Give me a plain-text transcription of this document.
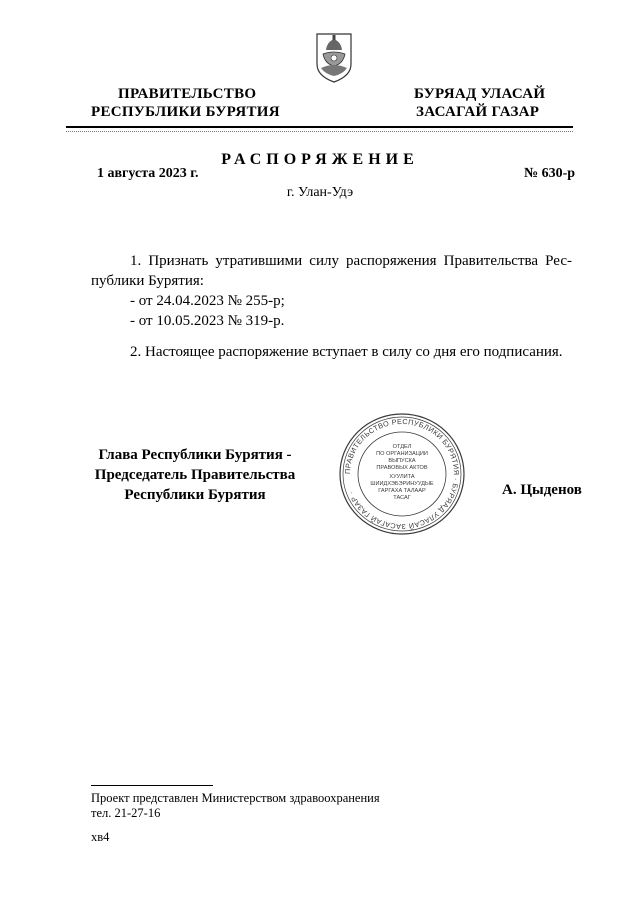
ПРАВИТЕЛЬСТВО
РЕСПУБЛИКИ БУРЯТИЯ
БУРЯАД УЛАСАЙ
ЗАСАГАЙ ГАЗАР
РАСПОРЯЖЕНИЕ
1 августа 2023 г.	№ 630-р
г. Улан-Удэ
1. Признать утратившими силу распоряжения Правительства Рес-
публики Бурятия:
- от 24.04.2023 № 255-р;
- от 10.05.2023 № 319-р.
2. Настоящее распоряжение вступает в силу со дня его подписания.
Глава Республики Бурятия -
Председатель Правительства
Республики Бурятия	А. Цыденов
ПРАВИТЕЛЬСТВО РЕСПУБЛИКИ БУРЯТИЯ · БУРЯАД УЛАСАЙ ЗАСАГАЙ ГАЗАР ·
ОТДЕЛ
ПО ОРГАНИЗАЦИИ
ВЫПУСКА
ПРАВОВЫХ АКТОВ
ХУУЛИТА
ШИИДХЭБЭРИНУУДЫЕ
ГАРГАХА ТАЛААР
ТАСАГ
Проект представлен Министерством здравоохранения
тел. 21-27-16
хв4
